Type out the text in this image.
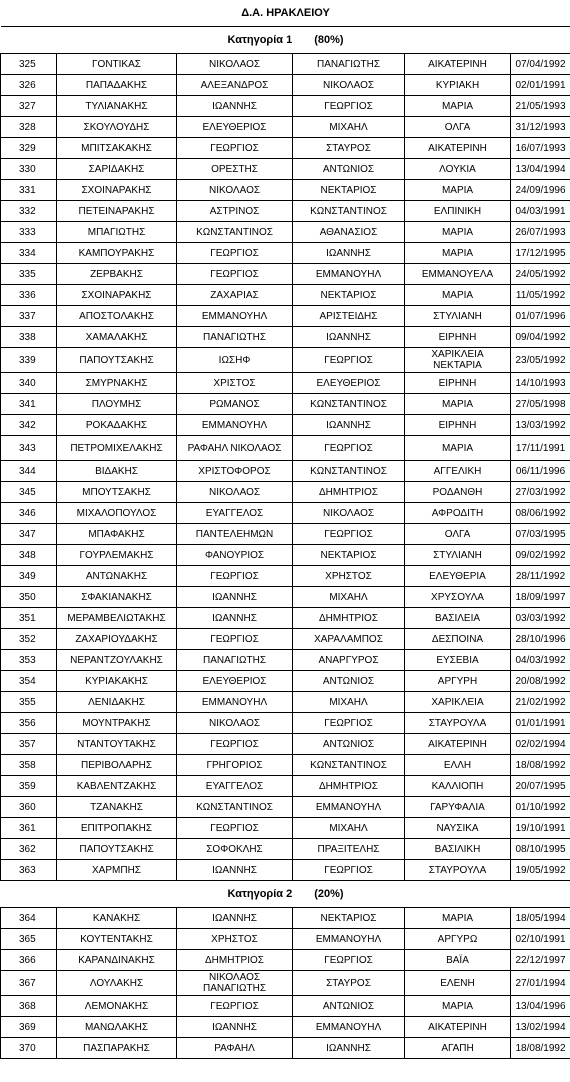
Δ.Α. ΗΡΑΚΛΕΙΟΥ					
Κατηγορία 1 (80%)					
325	ΓΟΝΤΙΚΑΣ	ΝΙΚΟΛΑΟΣ	ΠΑΝΑΓΙΩΤΗΣ	ΑΙΚΑΤΕΡΙΝΗ	07/04/1992
326	ΠΑΠΑΔΑΚΗΣ	ΑΛΕΞΑΝΔΡΟΣ	ΝΙΚΟΛΑΟΣ	ΚΥΡΙΑΚΗ	02/01/1991
327	ΤΥΛΙΑΝΑΚΗΣ	ΙΩΑΝΝΗΣ	ΓΕΩΡΓΙΟΣ	ΜΑΡΙΑ	21/05/1993
328	ΣΚΟΥΛΟΥΔΗΣ	ΕΛΕΥΘΕΡΙΟΣ	ΜΙΧΑΗΛ	ΟΛΓΑ	31/12/1993
329	ΜΠΙΤΣΑΚΑΚΗΣ	ΓΕΩΡΓΙΟΣ	ΣΤΑΥΡΟΣ	ΑΙΚΑΤΕΡΙΝΗ	16/07/1993
330	ΣΑΡΙΔΑΚΗΣ	ΟΡΕΣΤΗΣ	ΑΝΤΩΝΙΟΣ	ΛΟΥΚΙΑ	13/04/1994
331	ΣΧΟΙΝΑΡΑΚΗΣ	ΝΙΚΟΛΑΟΣ	ΝΕΚΤΑΡΙΟΣ	ΜΑΡΙΑ	24/09/1996
332	ΠΕΤΕΙΝΑΡΑΚΗΣ	ΑΣΤΡΙΝΟΣ	ΚΩΝΣΤΑΝΤΙΝΟΣ	ΕΛΠΙΝΙΚΗ	04/03/1991
333	ΜΠΑΓΙΩΤΗΣ	ΚΩΝΣΤΑΝΤΙΝΟΣ	ΑΘΑΝΑΣΙΟΣ	ΜΑΡΙΑ	26/07/1993
334	ΚΑΜΠΟΥΡΑΚΗΣ	ΓΕΩΡΓΙΟΣ	ΙΩΑΝΝΗΣ	ΜΑΡΙΑ	17/12/1995
335	ΖΕΡΒΑΚΗΣ	ΓΕΩΡΓΙΟΣ	ΕΜΜΑΝΟΥΗΛ	ΕΜΜΑΝΟΥΕΛΑ	24/05/1992
336	ΣΧΟΙΝΑΡΑΚΗΣ	ΖΑΧΑΡΙΑΣ	ΝΕΚΤΑΡΙΟΣ	ΜΑΡΙΑ	11/05/1992
337	ΑΠΟΣΤΟΛΑΚΗΣ	ΕΜΜΑΝΟΥΗΛ	ΑΡΙΣΤΕΙΔΗΣ	ΣΤΥΛΙΑΝΗ	01/07/1996
338	ΧΑΜΑΛΑΚΗΣ	ΠΑΝΑΓΙΩΤΗΣ	ΙΩΑΝΝΗΣ	ΕΙΡΗΝΗ	09/04/1992
339	ΠΑΠΟΥΤΣΑΚΗΣ	ΙΩΣΗΦ	ΓΕΩΡΓΙΟΣ	ΧΑΡΙΚΛΕΙΑ ΝΕΚΤΑΡΙΑ	23/05/1992
340	ΣΜΥΡΝΑΚΗΣ	ΧΡΙΣΤΟΣ	ΕΛΕΥΘΕΡΙΟΣ	ΕΙΡΗΝΗ	14/10/1993
341	ΠΛΟΥΜΗΣ	ΡΩΜΑΝΟΣ	ΚΩΝΣΤΑΝΤΙΝΟΣ	ΜΑΡΙΑ	27/05/1998
342	ΡΟΚΑΔΑΚΗΣ	ΕΜΜΑΝΟΥΗΛ	ΙΩΑΝΝΗΣ	ΕΙΡΗΝΗ	13/03/1992
343	ΠΕΤΡΟΜΙΧΕΛΑΚΗΣ	ΡΑΦΑΗΛ ΝΙΚΟΛΑΟΣ	ΓΕΩΡΓΙΟΣ	ΜΑΡΙΑ	17/11/1991
344	ΒΙΔΑΚΗΣ	ΧΡΙΣΤΟΦΟΡΟΣ	ΚΩΝΣΤΑΝΤΙΝΟΣ	ΑΓΓΕΛΙΚΗ	06/11/1996
345	ΜΠΟΥΤΣΑΚΗΣ	ΝΙΚΟΛΑΟΣ	ΔΗΜΗΤΡΙΟΣ	ΡΟΔΑΝΘΗ	27/03/1992
346	ΜΙΧΑΛΟΠΟΥΛΟΣ	ΕΥΑΓΓΕΛΟΣ	ΝΙΚΟΛΑΟΣ	ΑΦΡΟΔΙΤΗ	08/06/1992
347	ΜΠΑΦΑΚΗΣ	ΠΑΝΤΕΛΕΗΜΩΝ	ΓΕΩΡΓΙΟΣ	ΟΛΓΑ	07/03/1995
348	ΓΟΥΡΛΕΜΑΚΗΣ	ΦΑΝΟΥΡΙΟΣ	ΝΕΚΤΑΡΙΟΣ	ΣΤΥΛΙΑΝΗ	09/02/1992
349	ΑΝΤΩΝΑΚΗΣ	ΓΕΩΡΓΙΟΣ	ΧΡΗΣΤΟΣ	ΕΛΕΥΘΕΡΙΑ	28/11/1992
350	ΣΦΑΚΙΑΝΑΚΗΣ	ΙΩΑΝΝΗΣ	ΜΙΧΑΗΛ	ΧΡΥΣΟΥΛΑ	18/09/1997
351	ΜΕΡΑΜΒΕΛΙΩΤΑΚΗΣ	ΙΩΑΝΝΗΣ	ΔΗΜΗΤΡΙΟΣ	ΒΑΣΙΛΕΙΑ	03/03/1992
352	ΖΑΧΑΡΙΟΥΔΑΚΗΣ	ΓΕΩΡΓΙΟΣ	ΧΑΡΑΛΑΜΠΟΣ	ΔΕΣΠΟΙΝΑ	28/10/1996
353	ΝΕΡΑΝΤΖΟΥΛΑΚΗΣ	ΠΑΝΑΓΙΩΤΗΣ	ΑΝΑΡΓΥΡΟΣ	ΕΥΣΕΒΙΑ	04/03/1992
354	ΚΥΡΙΑΚΑΚΗΣ	ΕΛΕΥΘΕΡΙΟΣ	ΑΝΤΩΝΙΟΣ	ΑΡΓΥΡΗ	20/08/1992
355	ΛΕΝΙΔΑΚΗΣ	ΕΜΜΑΝΟΥΗΛ	ΜΙΧΑΗΛ	ΧΑΡΙΚΛΕΙΑ	21/02/1992
356	ΜΟΥΝΤΡΑΚΗΣ	ΝΙΚΟΛΑΟΣ	ΓΕΩΡΓΙΟΣ	ΣΤΑΥΡΟΥΛΑ	01/01/1991
357	ΝΤΑΝΤΟΥΤΑΚΗΣ	ΓΕΩΡΓΙΟΣ	ΑΝΤΩΝΙΟΣ	ΑΙΚΑΤΕΡΙΝΗ	02/02/1994
358	ΠΕΡΙΒΟΛΑΡΗΣ	ΓΡΗΓΟΡΙΟΣ	ΚΩΝΣΤΑΝΤΙΝΟΣ	ΕΛΛΗ	18/08/1992
359	ΚΑΒΛΕΝΤΖΑΚΗΣ	ΕΥΑΓΓΕΛΟΣ	ΔΗΜΗΤΡΙΟΣ	ΚΑΛΛΙΟΠΗ	20/07/1995
360	ΤΖΑΝΑΚΗΣ	ΚΩΝΣΤΑΝΤΙΝΟΣ	ΕΜΜΑΝΟΥΗΛ	ΓΑΡΥΦΑΛΙΑ	01/10/1992
361	ΕΠΙΤΡΟΠΑΚΗΣ	ΓΕΩΡΓΙΟΣ	ΜΙΧΑΗΛ	ΝΑΥΣΙΚΑ	19/10/1991
362	ΠΑΠΟΥΤΣΑΚΗΣ	ΣΟΦΟΚΛΗΣ	ΠΡΑΞΙΤΕΛΗΣ	ΒΑΣΙΛΙΚΗ	08/10/1995
363	ΧΑΡΜΠΗΣ	ΙΩΑΝΝΗΣ	ΓΕΩΡΓΙΟΣ	ΣΤΑΥΡΟΥΛΑ	19/05/1992
Κατηγορία 2 (20%)					
364	ΚΑΝΑΚΗΣ	ΙΩΑΝΝΗΣ	ΝΕΚΤΑΡΙΟΣ	ΜΑΡΙΑ	18/05/1994
365	ΚΟΥΤΕΝΤΑΚΗΣ	ΧΡΗΣΤΟΣ	ΕΜΜΑΝΟΥΗΛ	ΑΡΓΥΡΩ	02/10/1991
366	ΚΑΡΑΝΔΙΝΑΚΗΣ	ΔΗΜΗΤΡΙΟΣ	ΓΕΩΡΓΙΟΣ	ΒΑΪΑ	22/12/1997
367	ΛΟΥΛΑΚΗΣ	ΝΙΚΟΛΑΟΣ ΠΑΝΑΓΙΩΤΗΣ	ΣΤΑΥΡΟΣ	ΕΛΕΝΗ	27/01/1994
368	ΛΕΜΟΝΑΚΗΣ	ΓΕΩΡΓΙΟΣ	ΑΝΤΩΝΙΟΣ	ΜΑΡΙΑ	13/04/1996
369	ΜΑΝΩΛΑΚΗΣ	ΙΩΑΝΝΗΣ	ΕΜΜΑΝΟΥΗΛ	ΑΙΚΑΤΕΡΙΝΗ	13/02/1994
370	ΠΑΣΠΑΡΑΚΗΣ	ΡΑΦΑΗΛ	ΙΩΑΝΝΗΣ	ΑΓΑΠΗ	18/08/1992
